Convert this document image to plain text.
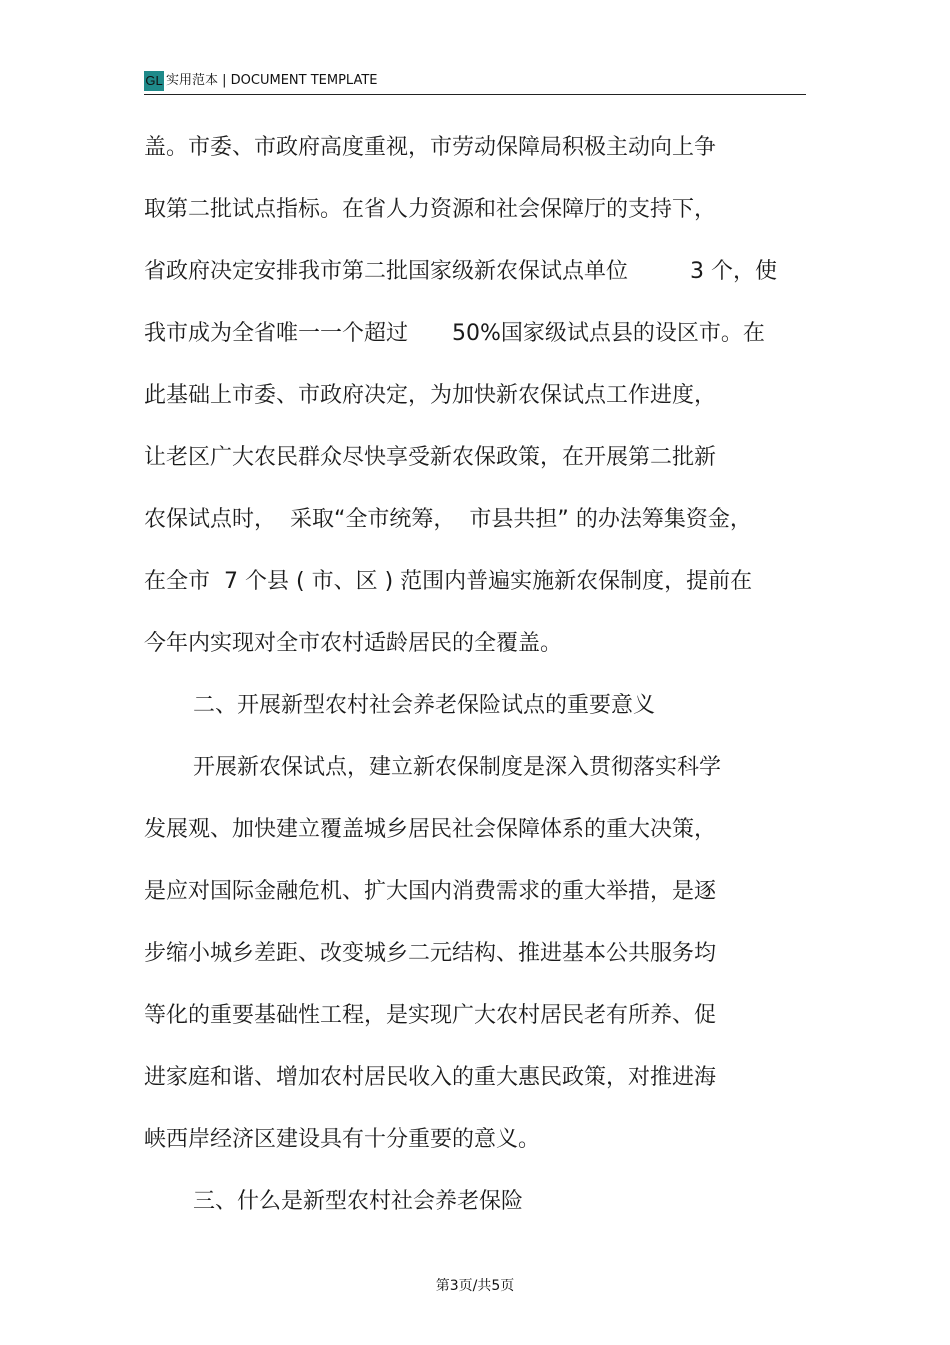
GL 实用范本 | DOCUMENT TEMPLATE
盖。市委、市政府高度重视，市劳动保障局积极主动向上争
取第二批试点指标。在省人力资源和社会保障厅的支持下，
省政府决定安排我市第二批国家级新农保试点单位	3 个，使
我市成为全省唯一一个超过 50%国家级试点县的设区市。在
此基础上市委、市政府决定，为加快新农保试点工作进度，
让老区广大农民群众尽快享受新农保政策，在开展第二批新
农保试点时， 采取“全市统筹， 市县共担” 的办法筹集资金，
在全市 7 个县 ( 市、区 ) 范围内普遍实施新农保制度，提前在
今年内实现对全市农村适龄居民的全覆盖。
二、开展新型农村社会养老保险试点的重要意义
开展新农保试点，建立新农保制度是深入贯彻落实科学
发展观、加快建立覆盖城乡居民社会保障体系的重大决策，
是应对国际金融危机、扩大国内消费需求的重大举措，是逐
步缩小城乡差距、改变城乡二元结构、推进基本公共服务均
等化的重要基础性工程，是实现广大农村居民老有所养、促
进家庭和谐、增加农村居民收入的重大惠民政策，对推进海
峡西岸经济区建设具有十分重要的意义。
三、什么是新型农村社会养老保险
第3页/共5页
